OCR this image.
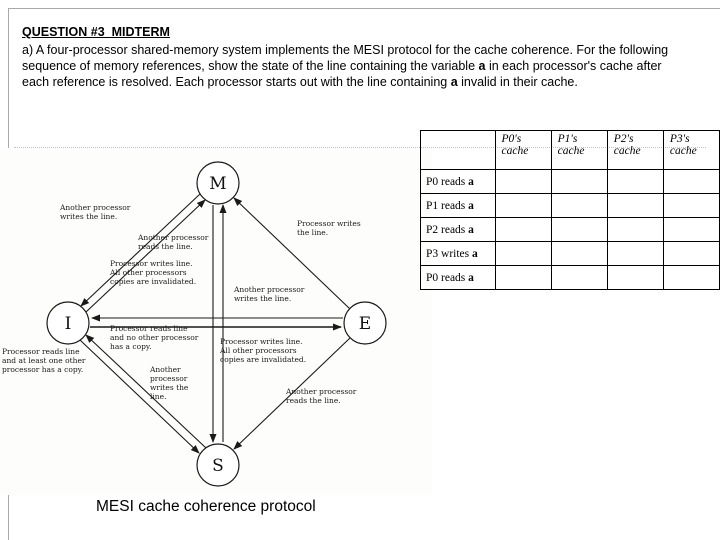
QUESTION #3  MIDTERM
a) A four-processor shared-memory system implements the MESI protocol for the cache coherence. For the following sequence of memory references, show the state of the line containing the variable a in each processor's cache after each reference is resolved. Each processor starts out with the line containing a invalid in their cache.
M
I	E
S
Another processor writes the line.
Another processor reads the line.
Processor writes the line.
Processor writes line. All other processors copies are invalidated.
Another processor writes the line.
Processor reads line and no other processor has a copy.
Processor writes line. All other processors copies are invalidated.
Processor reads line and at least one other processor has a copy.	Another processor writes the line.
Another processor reads the line.
	P0's cache	P1's cache	P2's cache	P3's cache
P0 reads a				
P1 reads a				
P2 reads a				
P3 writes a				
P0 reads a				
MESI cache coherence protocol
